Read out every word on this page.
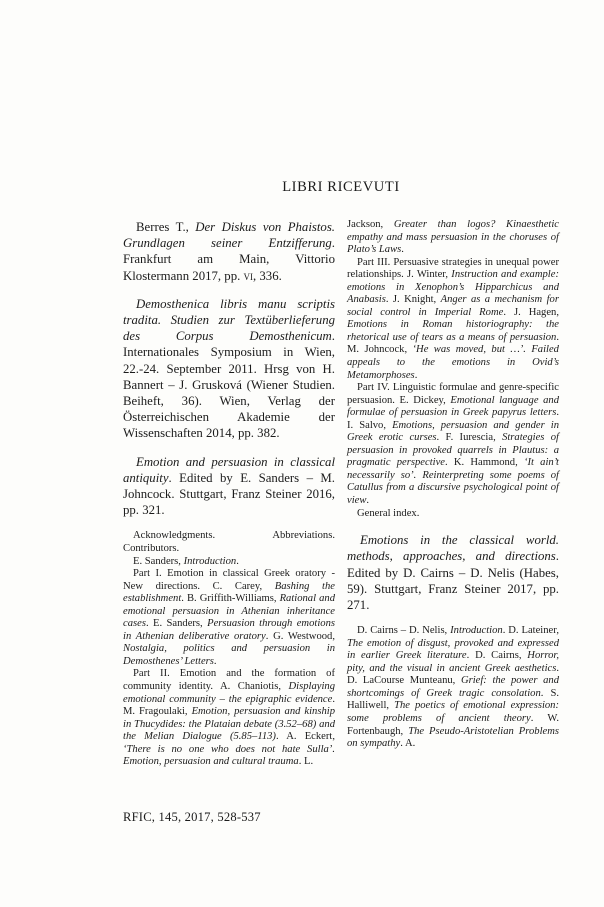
LIBRI RICEVUTI

Berres T., Der Diskus von Phaistos. Grundlagen seiner Entzifferung. Frankfurt am Main, Vittorio Klostermann 2017, pp. vi, 336.

Demosthenica libris manu scriptis tradita. Studien zur Textüberlieferung des Corpus Demosthenicum. Internationales Symposium in Wien, 22.-24. September 2011. Hrsg von H. Bannert – J. Grusková (Wiener Studien. Beiheft, 36). Wien, Verlag der Österreichischen Akademie der Wissenschaften 2014, pp. 382.

Emotion and persuasion in classical antiquity. Edited by E. Sanders – M. Johncock. Stuttgart, Franz Steiner 2016, pp. 321.

Acknowledgments. Abbreviations. Contributors.

E. Sanders, Introduction.

Part I. Emotion in classical Greek oratory - New directions. C. Carey, Bashing the establishment. B. Griffith-Williams, Rational and emotional persuasion in Athenian inheritance cases. E. Sanders, Persuasion through emotions in Athenian deliberative oratory. G. Westwood, Nostalgia, politics and persuasion in Demosthenes’ Letters.

Part II. Emotion and the formation of community identity. A. Chaniotis, Displaying emotional community – the epigraphic evidence. M. Fragoulaki, Emotion, persuasion and kinship in Thucydides: the Plataian debate (3.52–68) and the Melian Dialogue (5.85–113). A. Eckert, ‘There is no one who does not hate Sulla’. Emotion, persuasion and cultural trauma. L.

Jackson, Greater than logos? Kinaesthetic empathy and mass persuasion in the choruses of Plato’s Laws.

Part III. Persuasive strategies in unequal power relationships. J. Winter, Instruction and example: emotions in Xenophon’s Hipparchicus and Anabasis. J. Knight, Anger as a mechanism for social control in Imperial Rome. J. Hagen, Emotions in Roman historiography: the rhetorical use of tears as a means of persuasion. M. Johncock, ‘He was moved, but …’. Failed appeals to the emotions in Ovid’s Metamorphoses.

Part IV. Linguistic formulae and genre-specific persuasion. E. Dickey, Emotional language and formulae of persuasion in Greek papyrus letters. I. Salvo, Emotions, persuasion and gender in Greek erotic curses. F. Iurescia, Strategies of persuasion in provoked quarrels in Plautus: a pragmatic perspective. K. Hammond, ‘It ain’t necessarily so’. Reinterpreting some poems of Catullus from a discursive psychological point of view.

General index.

Emotions in the classical world. methods, approaches, and directions. Edited by D. Cairns – D. Nelis (Habes, 59). Stuttgart, Franz Steiner 2017, pp. 271.

D. Cairns – D. Nelis, Introduction. D. Lateiner, The emotion of disgust, provoked and expressed in earlier Greek literature. D. Cairns, Horror, pity, and the visual in ancient Greek aesthetics. D. LaCourse Munteanu, Grief: the power and shortcomings of Greek tragic consolation. S. Halliwell, The poetics of emotional expression: some problems of ancient theory. W. Fortenbaugh, The Pseudo-Aristotelian Problems on sympathy. A.

RFIC, 145, 2017, 528-537
